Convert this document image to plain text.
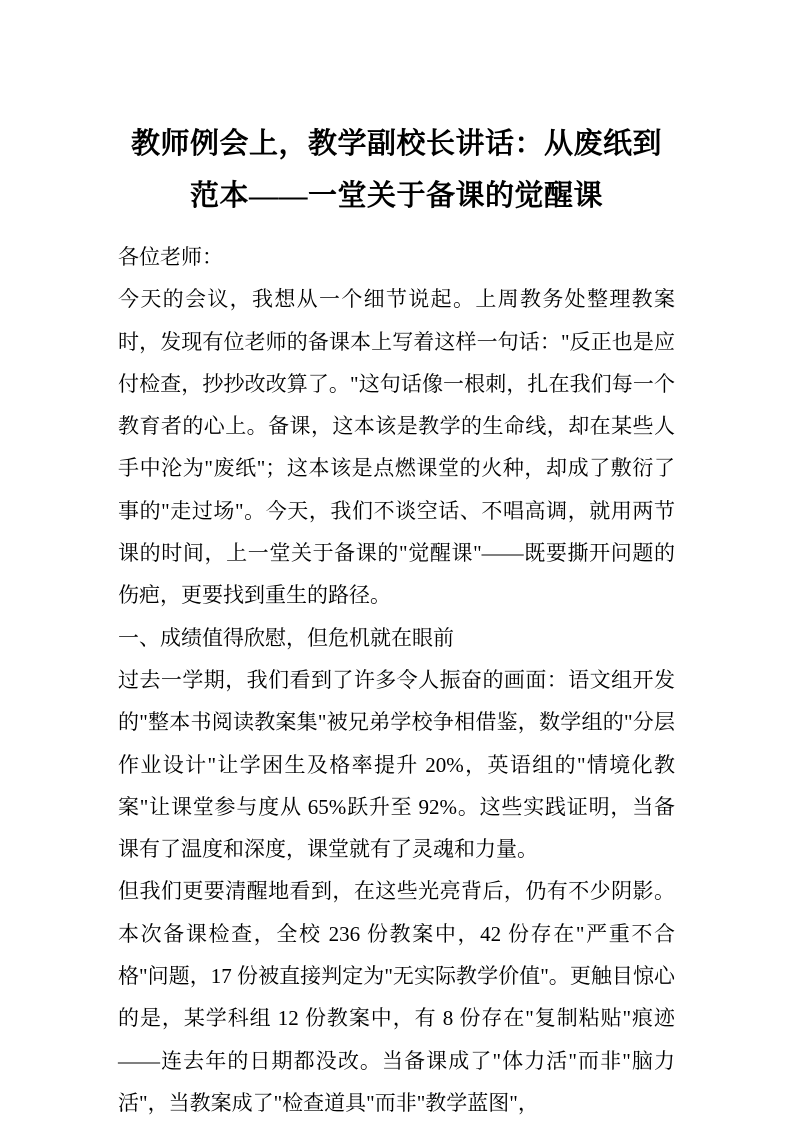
教师例会上，教学副校长讲话：从废纸到范本——一堂关于备课的觉醒课

各位老师：

今天的会议，我想从一个细节说起。上周教务处整理教案时，发现有位老师的备课本上写着这样一句话："反正也是应付检查，抄抄改改算了。"这句话像一根刺，扎在我们每一个教育者的心上。备课，这本该是教学的生命线，却在某些人手中沦为"废纸"；这本该是点燃课堂的火种，却成了敷衍了事的"走过场"。今天，我们不谈空话、不唱高调，就用两节课的时间，上一堂关于备课的"觉醒课"——既要撕开问题的伤疤，更要找到重生的路径。

一、成绩值得欣慰，但危机就在眼前

过去一学期，我们看到了许多令人振奋的画面：语文组开发的"整本书阅读教案集"被兄弟学校争相借鉴，数学组的"分层作业设计"让学困生及格率提升 20%，英语组的"情境化教案"让课堂参与度从 65%跃升至 92%。这些实践证明，当备课有了温度和深度，课堂就有了灵魂和力量。

但我们更要清醒地看到，在这些光亮背后，仍有不少阴影。本次备课检查，全校 236 份教案中，42 份存在"严重不合格"问题，17 份被直接判定为"无实际教学价值"。更触目惊心的是，某学科组 12 份教案中，有 8 份存在"复制粘贴"痕迹——连去年的日期都没改。当备课成了"体力活"而非"脑力活"，当教案成了"检查道具"而非"教学蓝图"，
